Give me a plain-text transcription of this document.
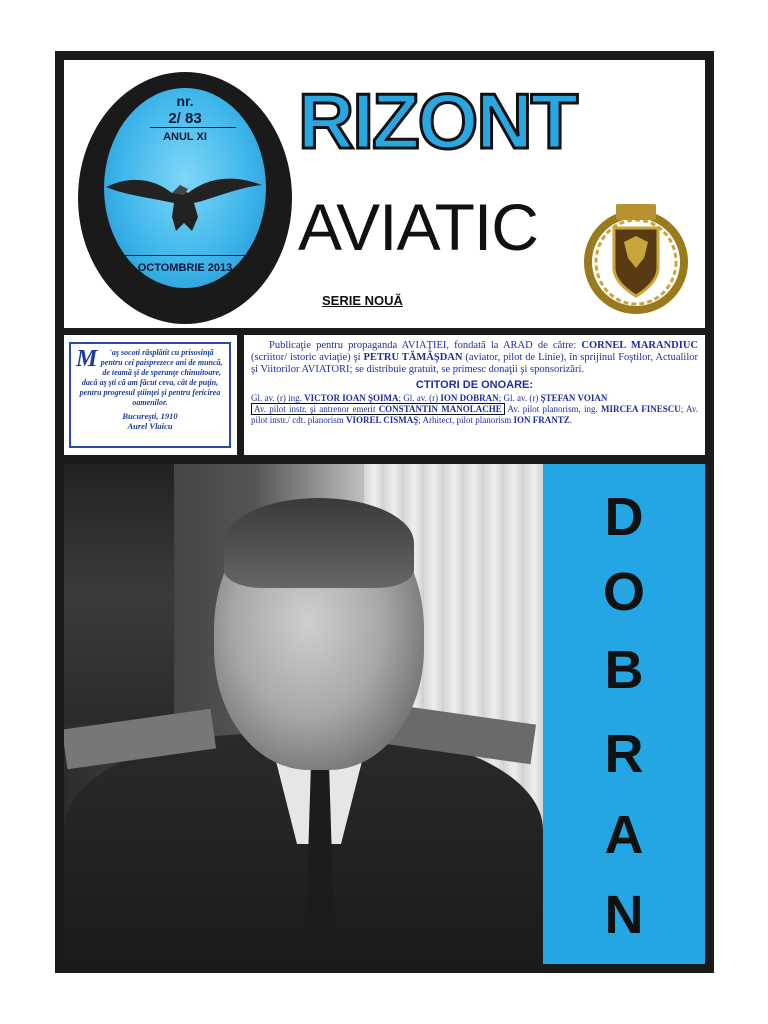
nr.
2/ 83
ANUL XI
OCTOMBRIE 2013
RIZONT
AVIATIC
SERIE NOUĂ
M 'aş socoti răsplătit cu prisosinţă pentru cei paisprezece ani de muncă, de teamă şi de speranţe chinuitoare, dacă aş şti că am făcut ceva, cât de puţin, pentru progresul ştiinţei şi pentru fericirea oamenilor.
Bucureşti, 1910
Aurel Vlaicu

Publicaţie pentru propaganda AVIAŢIEI, fondată la ARAD de către: CORNEL MARANDIUC (scriitor/ istoric aviaţie) şi PETRU TĂMĂŞDAN (aviator, pilot de Linie), în sprijinul Foştilor, Actualilor şi Viitorilor AVIATORI; se distribuie gratuit, se primesc donaţii şi sponsorizări.

CTITORI DE ONOARE:

Gl. av. (r) ing. VICTOR IOAN ŞOIMA; Gl. av. (r) ION DOBRAN; Gl. av. (r) ŞTEFAN VOIAN
Av. pilot instr. şi antrenor emerit CONSTANTIN MANOLACHE Av. pilot planorism, ing. MIRCEA FINESCU; Av. pilot instr./ cdt. planorism VIOREL CISMAŞ; Arhitect, pilot planorism ION FRANTZ.

D
O
B
R
A
N
